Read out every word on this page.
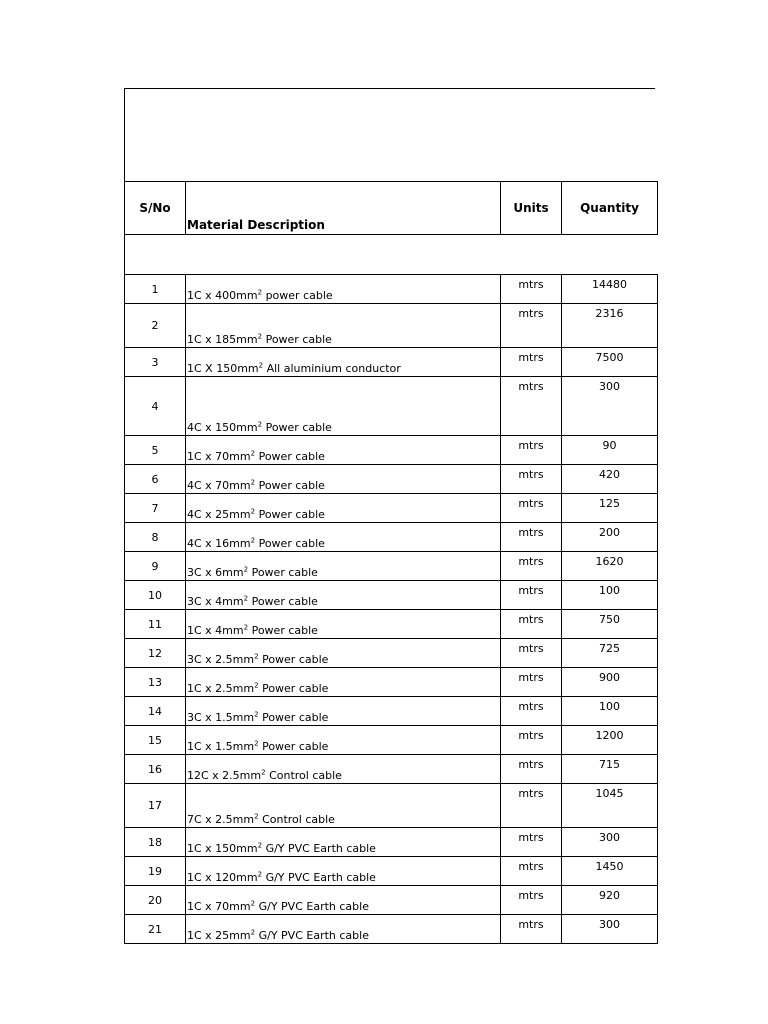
S/No	Material Description	Units	Quantity

1	1C x $400mm^2$ power cable	mtrs	14480
2	1C x $185mm^2$ Power cable	mtrs	2316
3	1C X $150mm^2$ All aluminium conductor	mtrs	7500
4	4C x $150mm^2$ Power cable	mtrs	300
5	1C x $70mm^2$ Power cable	mtrs	90
6	4C x $70mm^2$ Power cable	mtrs	420
7	4C x $25mm^2$ Power cable	mtrs	125
8	4C x $16mm^2$ Power cable	mtrs	200
9	3C x $6mm^2$ Power cable	mtrs	1620
10	3C x $4mm^2$ Power cable	mtrs	100
11	1C x $4mm^2$ Power cable	mtrs	750
12	3C x $2.5mm^2$ Power cable	mtrs	725
13	1C x $2.5mm^2$ Power cable	mtrs	900
14	3C x $1.5mm^2$ Power cable	mtrs	100
15	1C x $1.5mm^2$ Power cable	mtrs	1200
16	12C x $2.5mm^2$ Control cable	mtrs	715
17	7C x $2.5mm^2$ Control cable	mtrs	1045
18	1C x $150mm^2$ G/Y PVC Earth cable	mtrs	300
19	1C x $120mm^2$ G/Y PVC Earth cable	mtrs	1450
20	1C x $70mm^2$ G/Y PVC Earth cable	mtrs	920
21	1C x $25mm^2$ G/Y PVC Earth cable	mtrs	300
